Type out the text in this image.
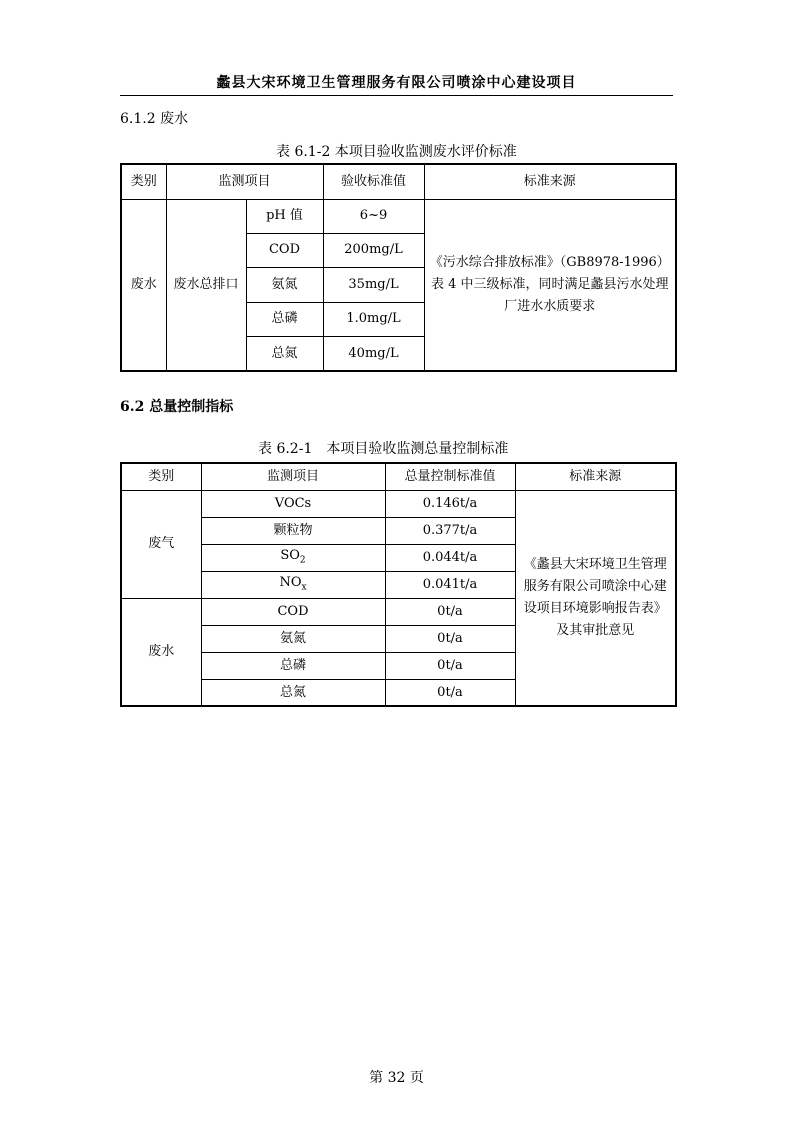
蠡县大宋环境卫生管理服务有限公司喷涂中心建设项目
6.1.2 废水
表 6.1-2 本项目验收监测废水评价标准
类别	监测项目		验收标准值	标准来源
废水	废水总排口	pH 值	6~9	《污水综合排放标准》（GB8978-1996）表 4 中三级标准，同时满足蠡县污水处理厂进水水质要求
		COD	200mg/L	
		氨氮	35mg/L	
		总磷	1.0mg/L	
		总氮	40mg/L	
6.2 总量控制指标
表 6.2-1　本项目验收监测总量控制标准
类别	监测项目	总量控制标准值	标准来源
废气	VOCs	0.146t/a	《蠡县大宋环境卫生管理服务有限公司喷涂中心建设项目环境影响报告表》及其审批意见
	颗粒物	0.377t/a	
	$SO_2$	0.044t/a	
	$NO_x$	0.041t/a	
废水	COD	0t/a	
	氨氮	0t/a	
	总磷	0t/a	
	总氮	0t/a	
第 32 页
